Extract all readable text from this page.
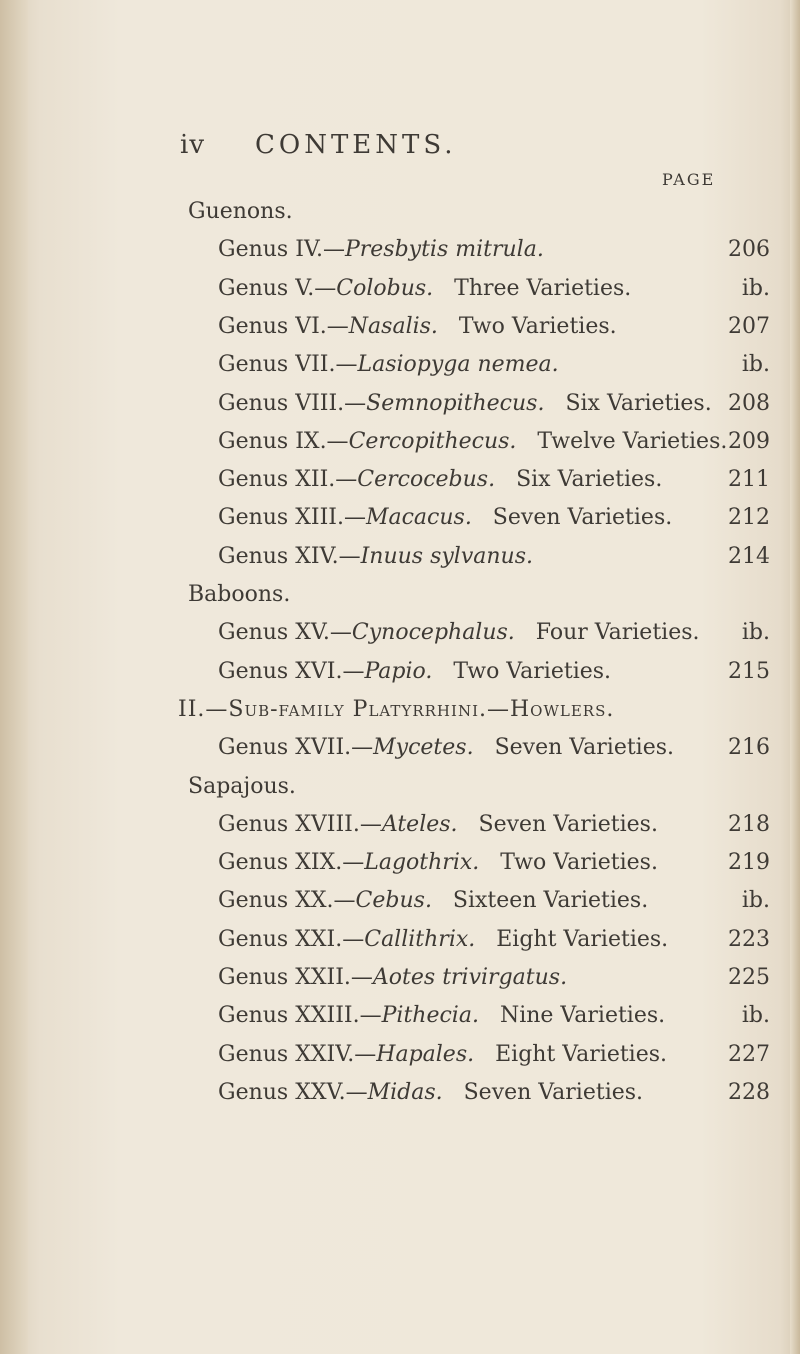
iv CONTENTS.
PAGE
Guenons.
Genus IV.—Presbytis mitrula.	206
Genus V.—Colobus. Three Varieties.	ib.
Genus VI.—Nasalis. Two Varieties.	207
Genus VII.—Lasiopyga nemea.	ib.
Genus VIII.—Semnopithecus. Six Varieties. 208
Genus IX.—Cercopithecus. Twelve Varieties. 209
Genus XII.—Cercocebus. Six Varieties.	211
Genus XIII.—Macacus. Seven Varieties.	212
Genus XIV.—Inuus sylvanus.	214
Baboons.
Genus XV.—Cynocephalus. Four Varieties.	ib.
Genus XVI.—Papio. Two Varieties.	215
II.—Sub-family Platyrrhini.—Howlers.
Genus XVII.—Mycetes. Seven Varieties.	216
Sapajous.
Genus XVIII.—Ateles. Seven Varieties.	218
Genus XIX.—Lagothrix. Two Varieties.	219
Genus XX.—Cebus. Sixteen Varieties.	ib.
Genus XXI.—Callithrix. Eight Varieties.	223
Genus XXII.—Aotes trivirgatus.	225
Genus XXIII.—Pithecia. Nine Varieties.	ib.
Genus XXIV.—Hapales. Eight Varieties.	227
Genus XXV.—Midas. Seven Varieties.	228
